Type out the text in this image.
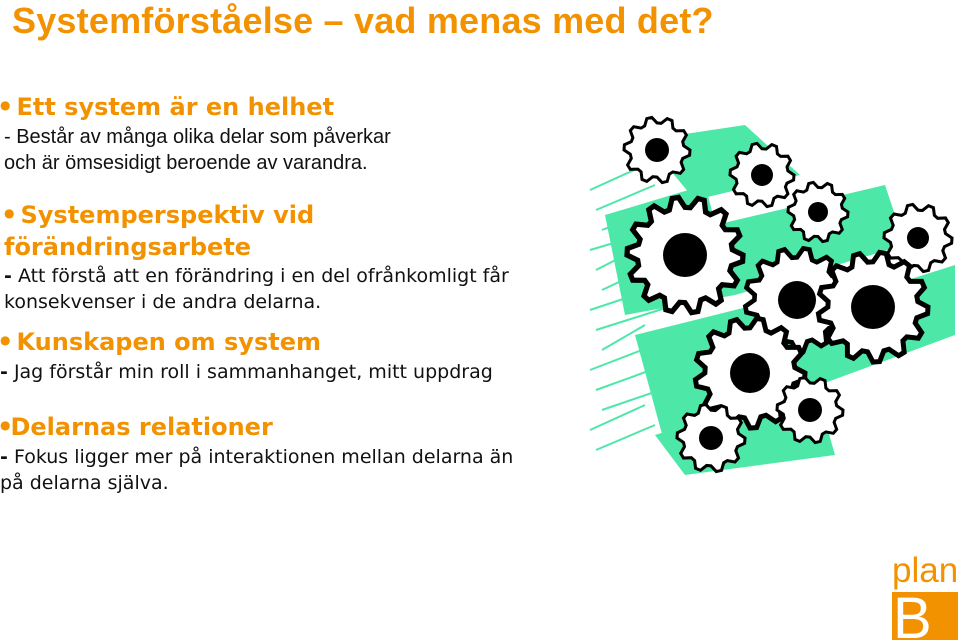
Systemförståelse – vad menas med det?
● Ett system är en helhet
- Består av många olika delar som påverkar
och är ömsesidigt beroende av varandra.
● Systemperspektiv vid
förändringsarbete
- Att förstå att en förändring i en del ofrånkomligt får
konsekvenser i de andra delarna.
● Kunskapen om system
- Jag förstår min roll i sammanhanget, mitt uppdrag
●Delarnas relationer
- Fokus ligger mer på interaktionen mellan delarna än
på delarna själva.
plan
B
